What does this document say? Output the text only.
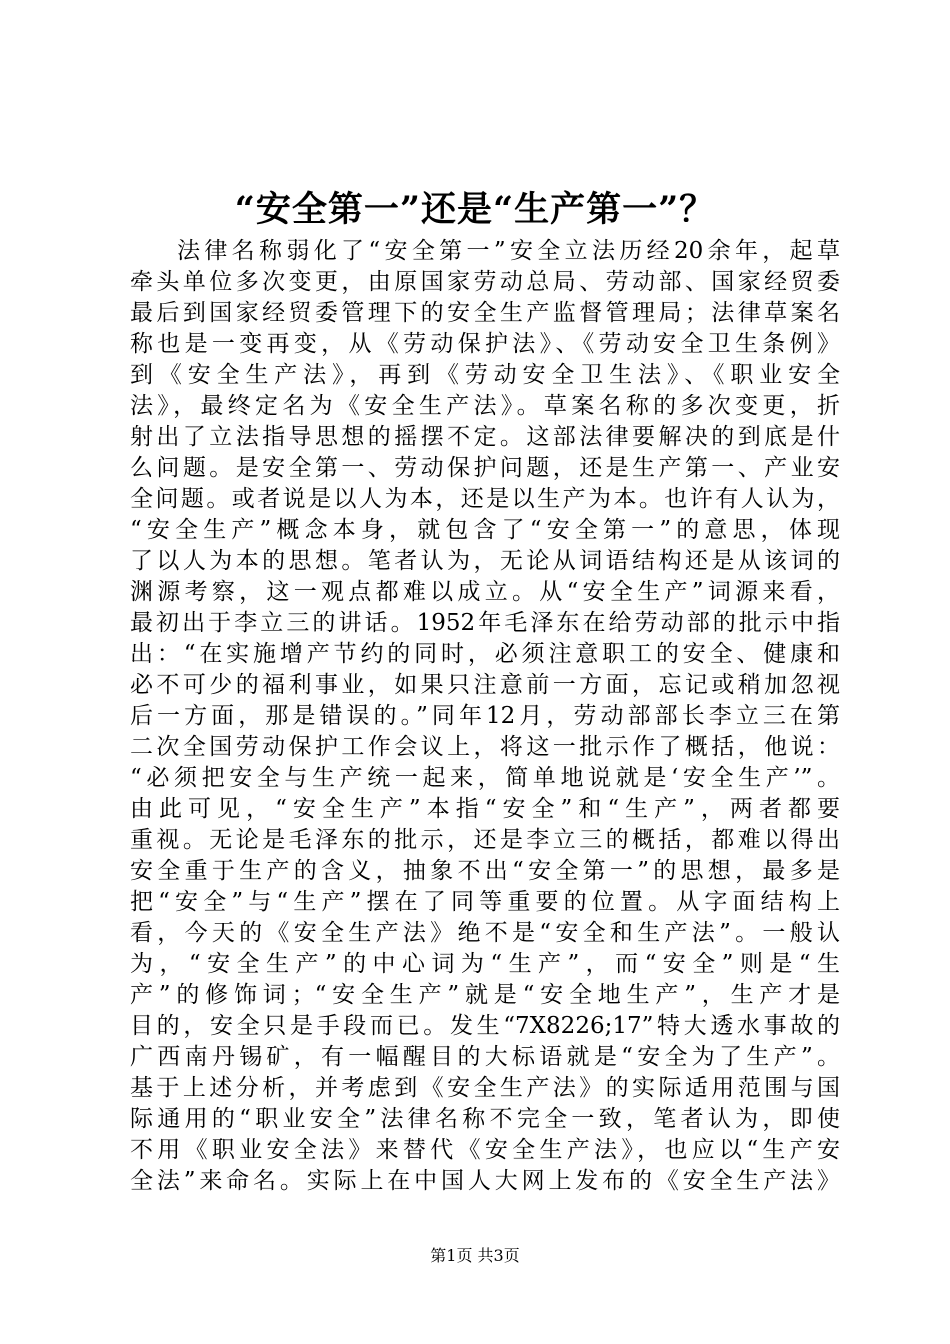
“安全第一”还是“生产第一”？
法律名称弱化了“安全第一”安全立法历经20余年，起草
牵头单位多次变更，由原国家劳动总局、劳动部、国家经贸委
最后到国家经贸委管理下的安全生产监督管理局；法律草案名
称也是一变再变，从《劳动保护法》、《劳动安全卫生条例》
到《安全生产法》，再到《劳动安全卫生法》、《职业安全
法》，最终定名为《安全生产法》。草案名称的多次变更，折
射出了立法指导思想的摇摆不定。这部法律要解决的到底是什
么问题。是安全第一、劳动保护问题，还是生产第一、产业安
全问题。或者说是以人为本，还是以生产为本。也许有人认为，
“安全生产”概念本身，就包含了“安全第一”的意思，体现
了以人为本的思想。笔者认为，无论从词语结构还是从该词的
渊源考察，这一观点都难以成立。从“安全生产”词源来看，
最初出于李立三的讲话。1952年毛泽东在给劳动部的批示中指
出：“在实施增产节约的同时，必须注意职工的安全、健康和
必不可少的福利事业，如果只注意前一方面，忘记或稍加忽视
后一方面，那是错误的。”同年12月，劳动部部长李立三在第
二次全国劳动保护工作会议上，将这一批示作了概括，他说：
“必须把安全与生产统一起来，简单地说就是‘安全生产’”。
由此可见，“安全生产”本指“安全”和“生产”，两者都要
重视。无论是毛泽东的批示，还是李立三的概括，都难以得出
安全重于生产的含义，抽象不出“安全第一”的思想，最多是
把“安全”与“生产”摆在了同等重要的位置。从字面结构上
看，今天的《安全生产法》绝不是“安全和生产法”。一般认
为，“安全生产”的中心词为“生产”，而“安全”则是“生
产”的修饰词；“安全生产”就是“安全地生产”，生产才是
目的，安全只是手段而已。发生“7X8226;17”特大透水事故的
广西南丹锡矿，有一幅醒目的大标语就是“安全为了生产”。
基于上述分析，并考虑到《安全生产法》的实际适用范围与国
际通用的“职业安全”法律名称不完全一致，笔者认为，即使
不用《职业安全法》来替代《安全生产法》，也应以“生产安
全法”来命名。实际上在中国人大网上发布的《安全生产法》
第1页 共3页
